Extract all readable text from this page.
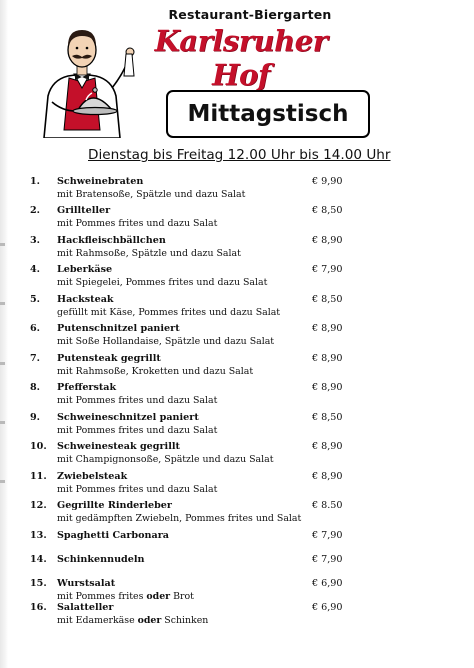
Restaurant-Biergarten
Karlsruher Hof
Mittagstisch
Dienstag bis Freitag 12.00 Uhr bis 14.00 Uhr
1. Schweinebraten
mit Bratensoße, Spätzle und dazu Salat
€ 9,90
2. Grillteller
mit Pommes frites und dazu Salat
€ 8,50
3. Hackfleischbällchen
mit Rahmsoße, Spätzle und dazu Salat
€ 8,90
4. Leberkäse
mit Spiegelei, Pommes frites und dazu Salat
€ 7,90
5. Hacksteak
gefüllt mit Käse, Pommes frites und dazu Salat
€ 8,50
6. Putenschnitzel paniert
mit Soße Hollandaise, Spätzle und dazu Salat
€ 8,90
7. Putensteak gegrillt
mit Rahmsoße, Kroketten und dazu Salat
€ 8,90
8. Pfefferstak
mit Pommes frites und dazu Salat
€ 8,90
9. Schweineschnitzel paniert
mit Pommes frites und dazu Salat
€ 8,50
10. Schweinesteak gegrillt
mit Champignonsoße, Spätzle und dazu Salat
€ 8,90
11. Zwiebelsteak
mit Pommes frites und dazu Salat
€ 8,90
12. Gegrillte Rinderleber
mit gedämpften Zwiebeln, Pommes frites und Salat
€ 8.50
13. Spaghetti Carbonara	€ 7,90
14. Schinkennudeln	€ 7,90
15. Wurstsalat
mit Pommes frites oder Brot
€ 6,90
16. Salatteller
mit Edamerkäse oder Schinken
€ 6,90
